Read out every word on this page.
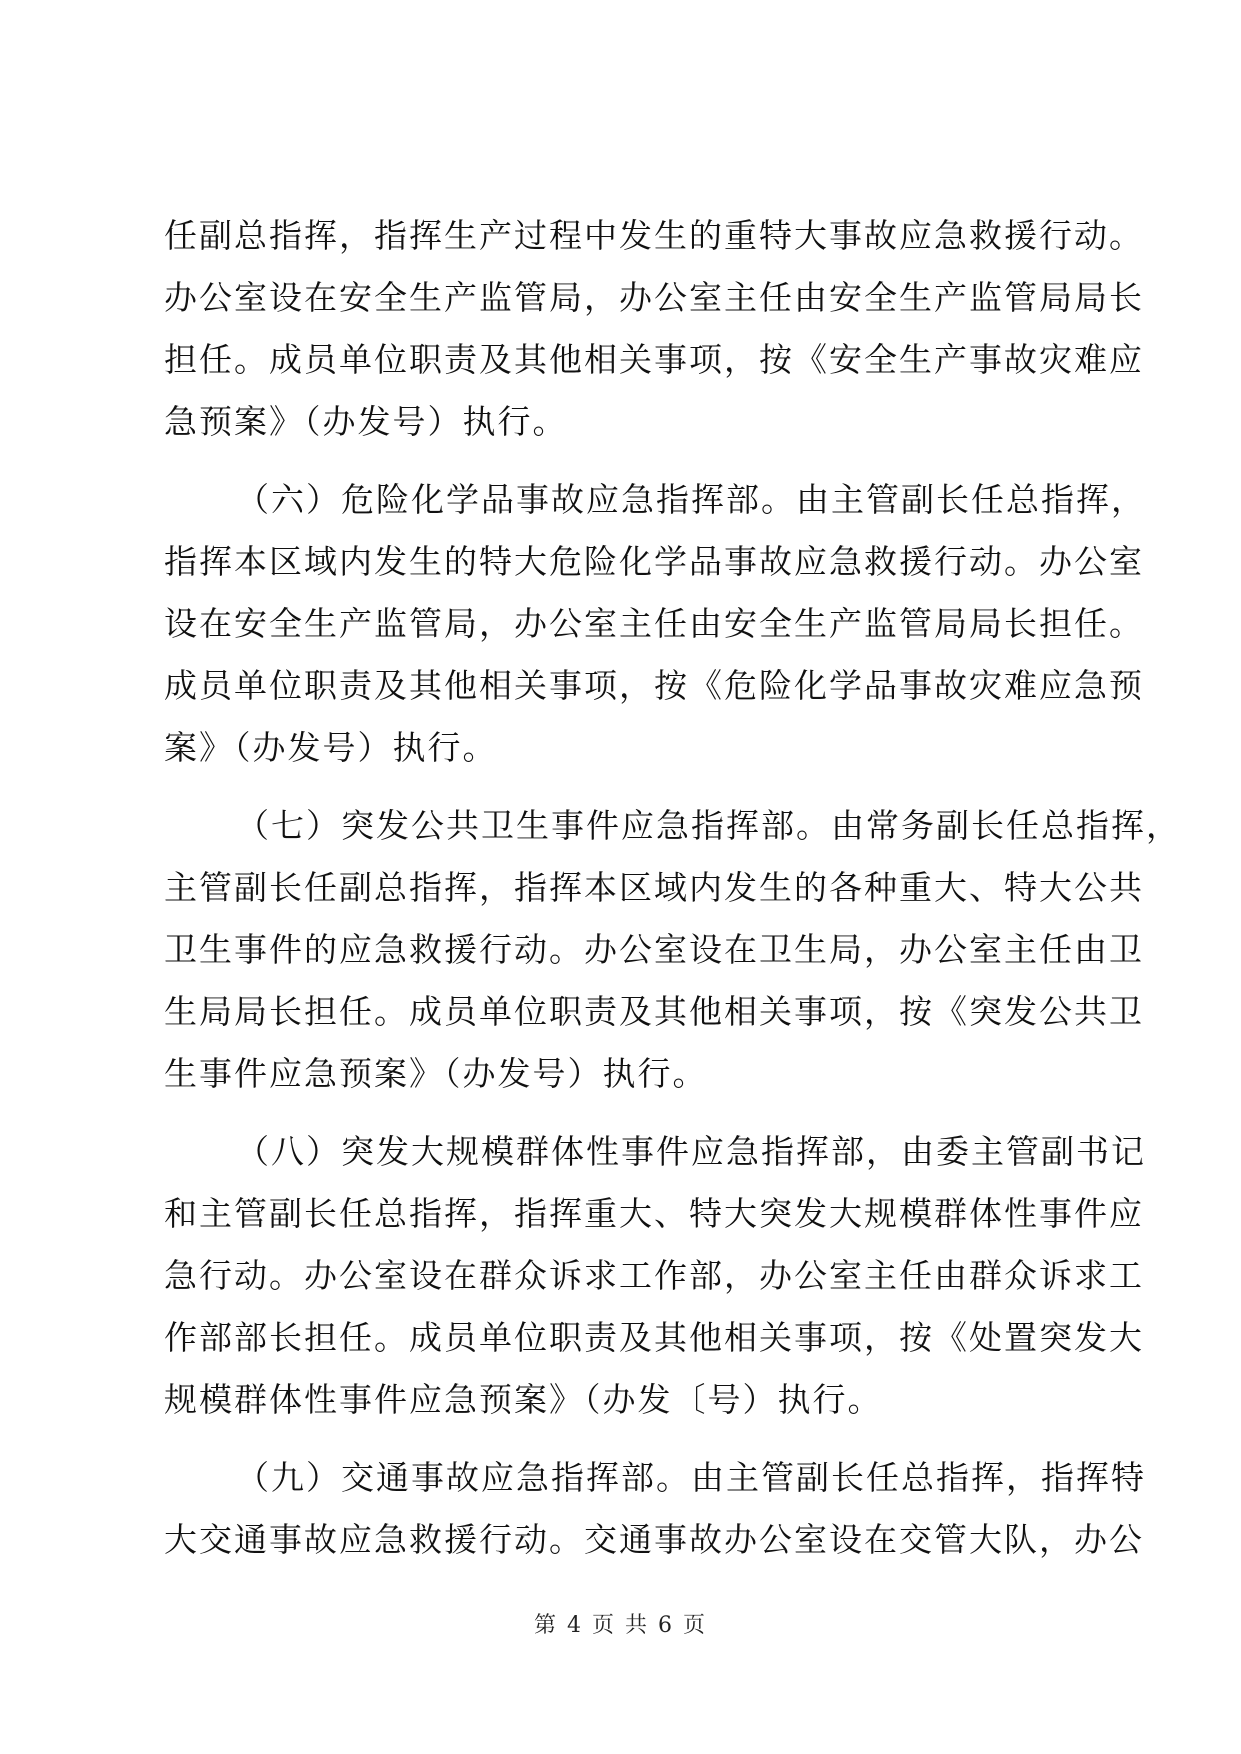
任副总指挥，指挥生产过程中发生的重特大事故应急救援行动。
办公室设在安全生产监管局，办公室主任由安全生产监管局局长
担任。成员单位职责及其他相关事项，按《安全生产事故灾难应
急预案》（办发号）执行。
（六）危险化学品事故应急指挥部。由主管副长任总指挥，
指挥本区域内发生的特大危险化学品事故应急救援行动。办公室
设在安全生产监管局，办公室主任由安全生产监管局局长担任。
成员单位职责及其他相关事项，按《危险化学品事故灾难应急预
案》（办发号）执行。
（七）突发公共卫生事件应急指挥部。由常务副长任总指挥，
主管副长任副总指挥，指挥本区域内发生的各种重大、特大公共
卫生事件的应急救援行动。办公室设在卫生局，办公室主任由卫
生局局长担任。成员单位职责及其他相关事项，按《突发公共卫
生事件应急预案》（办发号）执行。
（八）突发大规模群体性事件应急指挥部，由委主管副书记
和主管副长任总指挥，指挥重大、特大突发大规模群体性事件应
急行动。办公室设在群众诉求工作部，办公室主任由群众诉求工
作部部长担任。成员单位职责及其他相关事项，按《处置突发大
规模群体性事件应急预案》（办发〔号）执行。
（九）交通事故应急指挥部。由主管副长任总指挥，指挥特
大交通事故应急救援行动。交通事故办公室设在交管大队，办公
第 4 页 共 6 页
